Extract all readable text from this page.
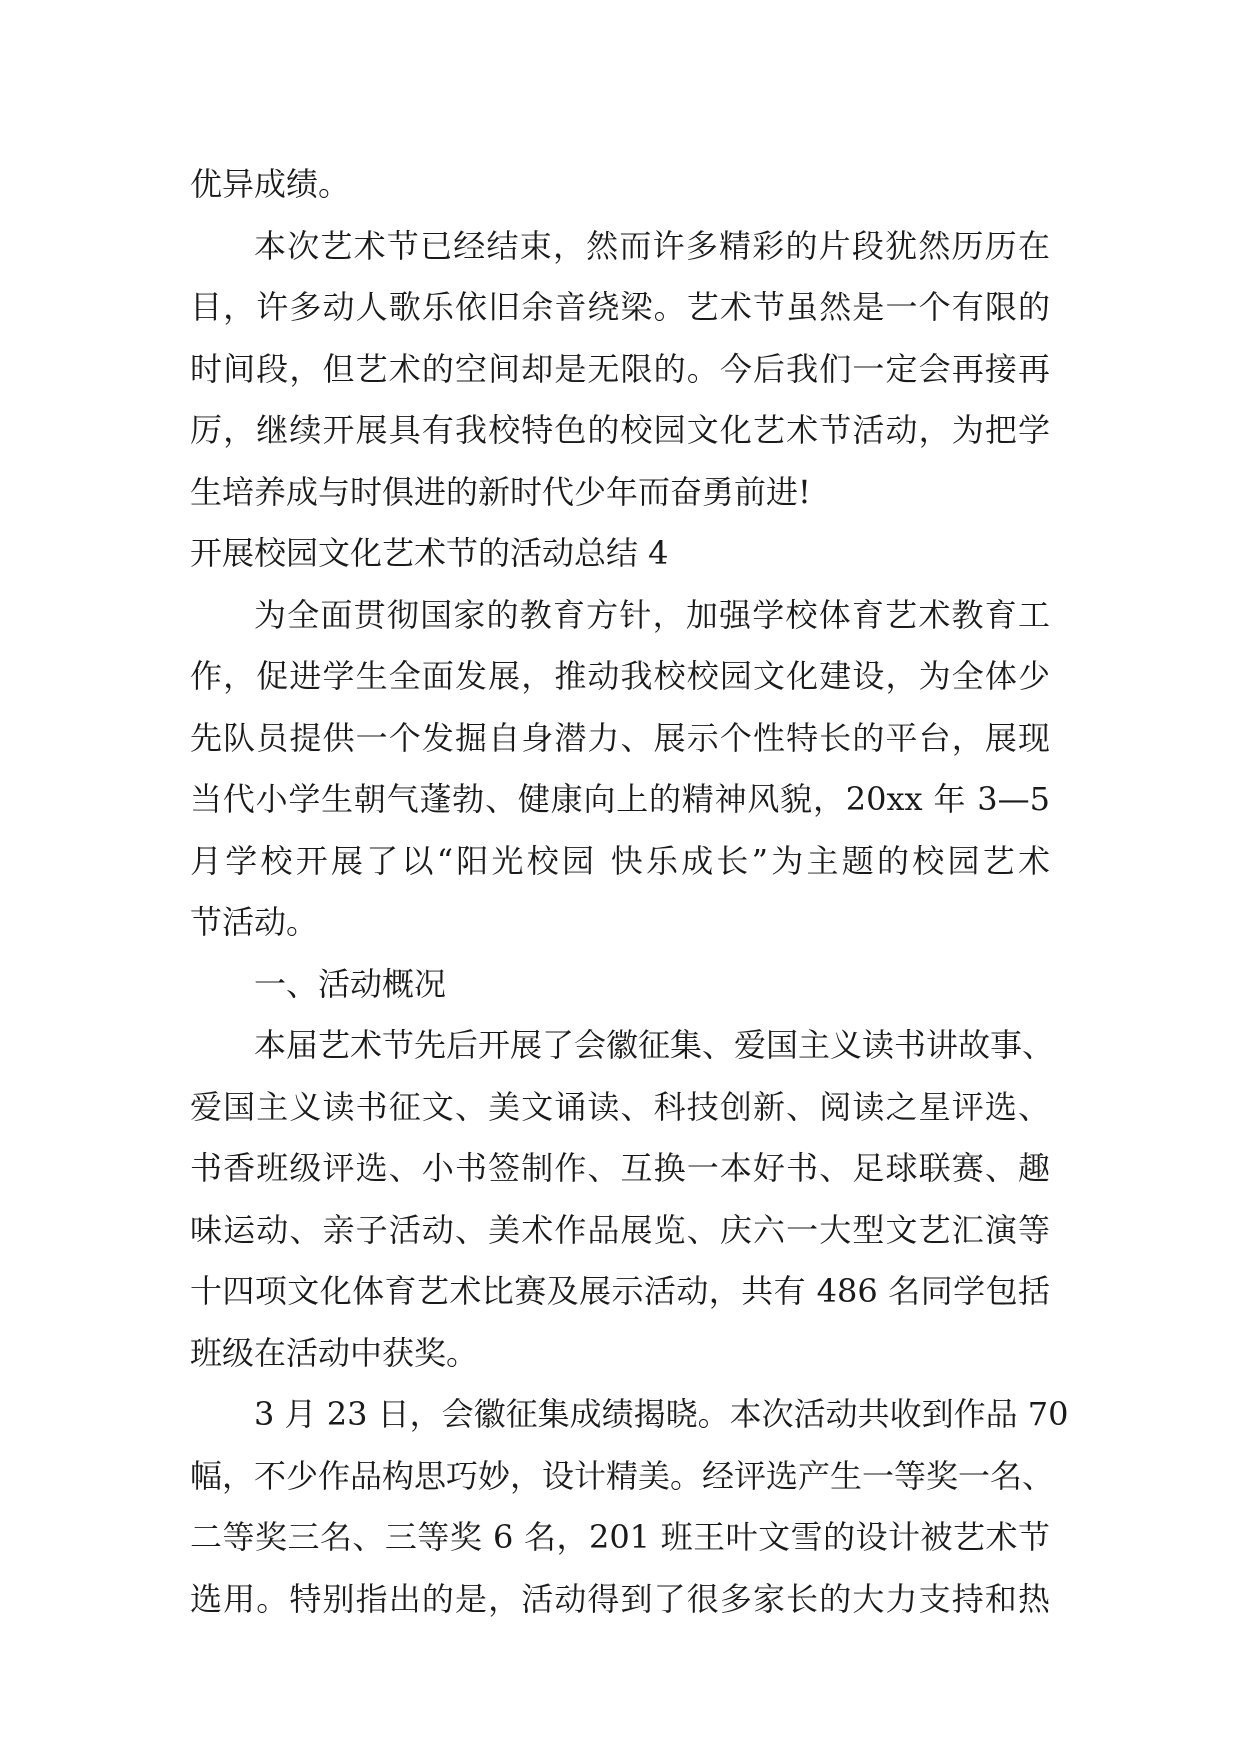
优异成绩。
本次艺术节已经结束，然而许多精彩的片段犹然历历在
目，许多动人歌乐依旧余音绕梁。艺术节虽然是一个有限的
时间段，但艺术的空间却是无限的。今后我们一定会再接再
厉，继续开展具有我校特色的校园文化艺术节活动，为把学
生培养成与时俱进的新时代少年而奋勇前进!
开展校园文化艺术节的活动总结 4
为全面贯彻国家的教育方针，加强学校体育艺术教育工
作，促进学生全面发展，推动我校校园文化建设，为全体少
先队员提供一个发掘自身潜力、展示个性特长的平台，展现
当代小学生朝气蓬勃、健康向上的精神风貌，20xx 年 3—5
月学校开展了以“阳光校园 快乐成长”为主题的校园艺术
节活动。
一、活动概况
本届艺术节先后开展了会徽征集、爱国主义读书讲故事、
爱国主义读书征文、美文诵读、科技创新、阅读之星评选、
书香班级评选、小书签制作、互换一本好书、足球联赛、趣
味运动、亲子活动、美术作品展览、庆六一大型文艺汇演等
十四项文化体育艺术比赛及展示活动，共有 486 名同学包括
班级在活动中获奖。
3 月 23 日，会徽征集成绩揭晓。本次活动共收到作品 70
幅，不少作品构思巧妙，设计精美。经评选产生一等奖一名、
二等奖三名、三等奖 6 名，201 班王叶文雪的设计被艺术节
选用。特别指出的是，活动得到了很多家长的大力支持和热
